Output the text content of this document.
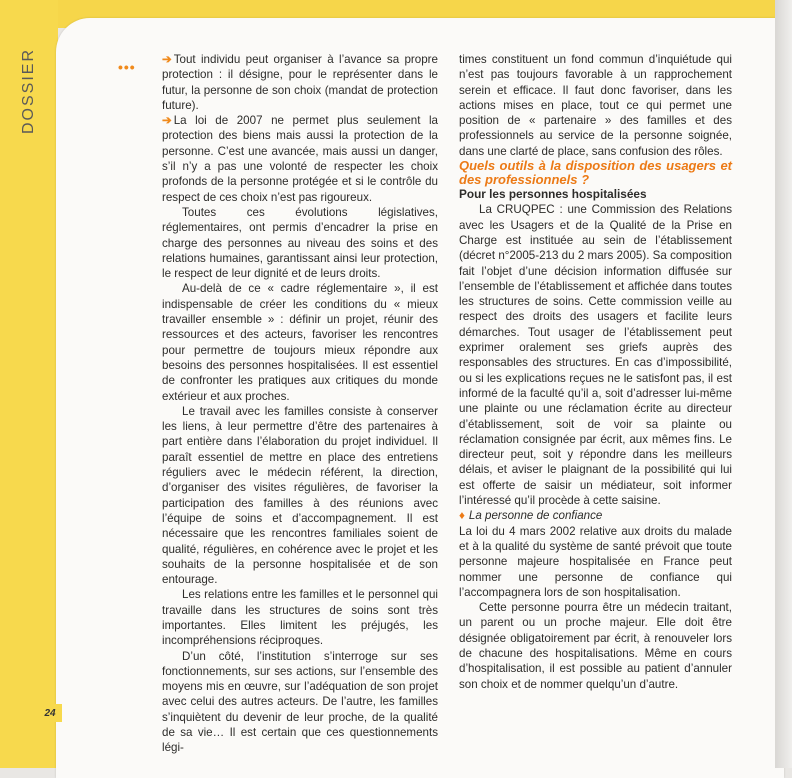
DOSSIER
24
••• ➔ Tout individu peut organiser à l’avance sa propre protection : il désigne, pour le représenter dans le futur, la personne de son choix (mandat de protection future).

➔ La loi de 2007 ne permet plus seulement la protection des biens mais aussi la protection de la personne. C’est une avancée, mais aussi un danger, s’il n’y a pas une volonté de respecter les choix profonds de la personne protégée et si le contrôle du respect de ces choix n’est pas rigoureux.

Toutes ces évolutions législatives, réglementaires, ont permis d’encadrer la prise en charge des personnes au niveau des soins et des relations humaines, garantissant ainsi leur protection, le respect de leur dignité et de leurs droits.

Au-delà de ce « cadre réglementaire », il est indispensable de créer les conditions du « mieux travailler ensemble » : définir un projet, réunir des ressources et des acteurs, favoriser les rencontres pour permettre de toujours mieux répondre aux besoins des personnes hospitalisées. Il est essentiel de confronter les pratiques aux critiques du monde extérieur et aux proches.

Le travail avec les familles consiste à conserver les liens, à leur permettre d’être des partenaires à part entière dans l’élaboration du projet individuel. Il paraît essentiel de mettre en place des entretiens réguliers avec le médecin référent, la direction, d’organiser des visites régulières, de favoriser la participation des familles à des réunions avec l’équipe de soins et d’accompagnement. Il est nécessaire que les rencontres familiales soient de qualité, régulières, en cohérence avec le projet et les souhaits de la personne hospitalisée et de son entourage.

Les relations entre les familles et le personnel qui travaille dans les structures de soins sont très importantes. Elles limitent les préjugés, les incompréhensions réciproques.

D’un côté, l’institution s’interroge sur ses fonctionnements, sur ses actions, sur l’ensemble des moyens mis en œuvre, sur l’adéquation de son projet avec celui des autres acteurs. De l’autre, les familles s’inquiètent du devenir de leur proche, de la qualité de sa vie… Il est certain que ces questionnements légi-

times constituent un fond commun d’inquiétude qui n’est pas toujours favorable à un rapprochement serein et efficace. Il faut donc favoriser, dans les actions mises en place, tout ce qui permet une position de « partenaire » des familles et des professionnels au service de la personne soignée, dans une clarté de place, sans confusion des rôles.

Quels outils à la disposition des usagers et des professionnels ?

Pour les personnes hospitalisées

La CRUQPEC : une Commission des Relations avec les Usagers et de la Qualité de la Prise en Charge est instituée au sein de l’établissement (décret n°2005-213 du 2 mars 2005). Sa composition fait l’objet d’une décision information diffusée sur l’ensemble de l’établissement et affichée dans toutes les structures de soins. Cette commission veille au respect des droits des usagers et facilite leurs démarches. Tout usager de l’établissement peut exprimer oralement ses griefs auprès des responsables des structures. En cas d’impossibilité, ou si les explications reçues ne le satisfont pas, il est informé de la faculté qu’il a, soit d’adresser lui-même une plainte ou une réclamation écrite au directeur d’établissement, soit de voir sa plainte ou réclamation consignée par écrit, aux mêmes fins. Le directeur peut, soit y répondre dans les meilleurs délais, et aviser le plaignant de la possibilité qui lui est offerte de saisir un médiateur, soit informer l’intéressé qu’il procède à cette saisine.

♦ La personne de confiance

La loi du 4 mars 2002 relative aux droits du malade et à la qualité du système de santé prévoit que toute personne majeure hospitalisée en France peut nommer une personne de confiance qui l’accompagnera lors de son hospitalisation.

Cette personne pourra être un médecin traitant, un parent ou un proche majeur. Elle doit être désignée obligatoirement par écrit, à renouveler lors de chacune des hospitalisations. Même en cours d’hospitalisation, il est possible au patient d’annuler son choix et de nommer quelqu’un d’autre.
